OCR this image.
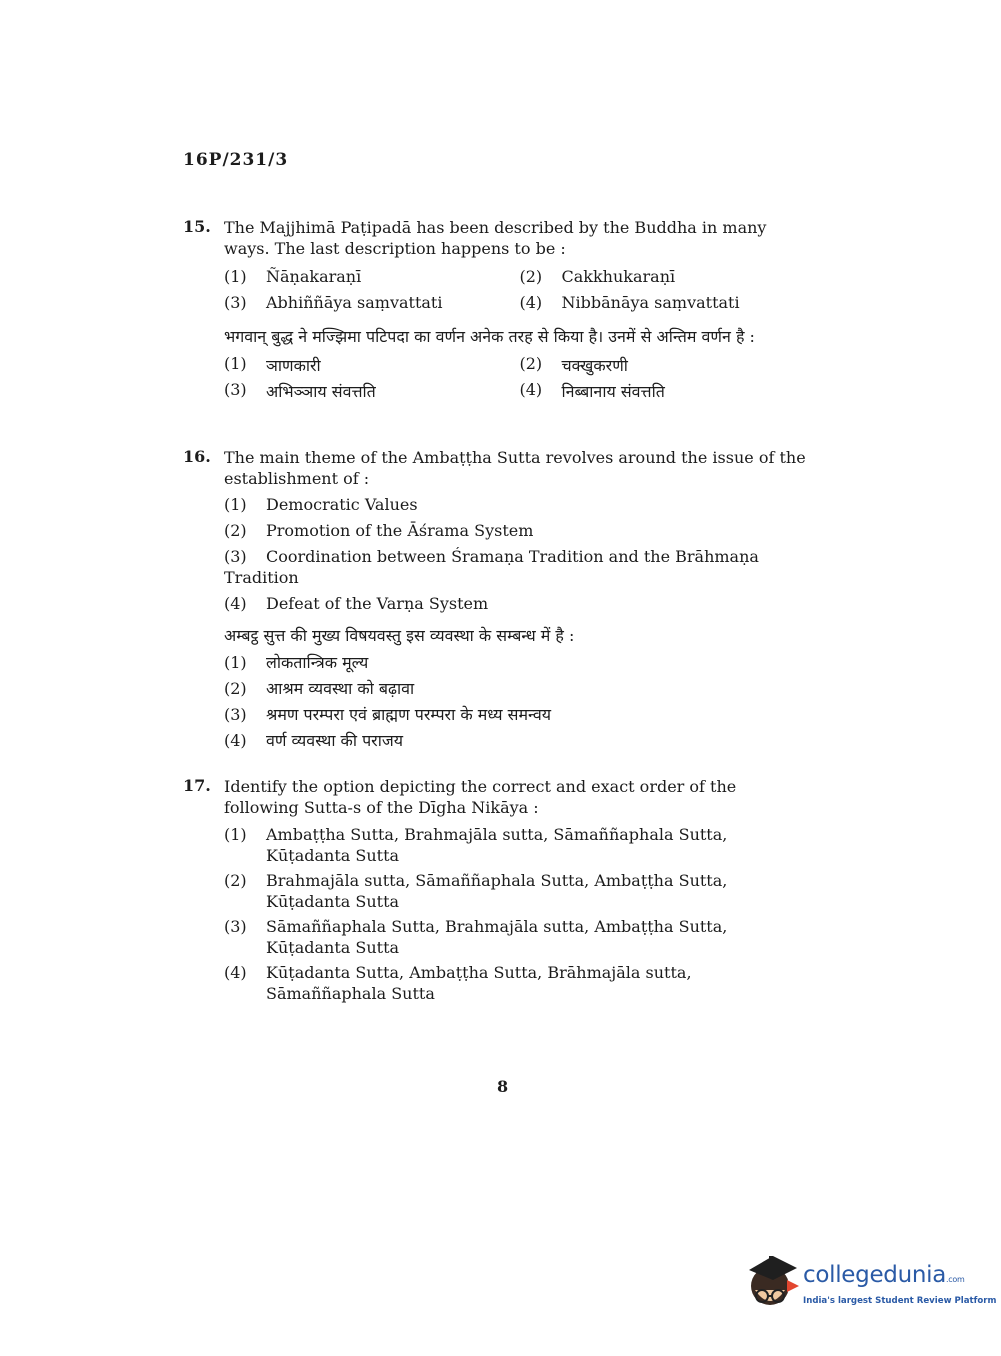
16P/231/3
15. The Majjhimā Paṭipadā has been described by the Buddha in many ways. The last description happens to be :
(1)	Ñāṇakaraṇī	(2)	Cakkhukaraṇī
(3)	Abhiññāya saṃvattati	(4)	Nibbānāya saṃvattati
भगवान् बुद्ध ने मज्झिमा पटिपदा का वर्णन अनेक तरह से किया है। उनमें से अन्तिम वर्णन है :
(1)	ञाणकारी	(2)	चक्खुकरणी
(3)	अभिञ्ञाय संवत्तति	(4)	निब्बानाय संवत्तति
16. The main theme of the Ambaṭṭha Sutta revolves around the issue of the establishment of :
(1)	Democratic Values
(2)	Promotion of the Āśrama System
(3) Coordination between Śramaṇa Tradition and the Brāhmaṇa Tradition
(4)	Defeat of the Varṇa System
अम्बट्ठ सुत्त की मुख्य विषयवस्तु इस व्यवस्था के सम्बन्ध में है :
(1)	लोकतान्त्रिक मूल्य
(2)	आश्रम व्यवस्था को बढ़ावा
(3)	श्रमण परम्परा एवं ब्राह्मण परम्परा के मध्य समन्वय
(4)	वर्ण व्यवस्था की पराजय
17. Identify the option depicting the correct and exact order of the following Sutta-s of the Dīgha Nikāya :
(1)	Ambaṭṭha Sutta, Brahmajāla sutta, Sāmaññaphala Sutta, Kūṭadanta Sutta
(2)	Brahmajāla sutta, Sāmaññaphala Sutta, Ambaṭṭha Sutta, Kūṭadanta Sutta
(3)	Sāmaññaphala Sutta, Brahmajāla sutta, Ambaṭṭha Sutta, Kūṭadanta Sutta
(4)	Kūṭadanta Sutta, Ambaṭṭha Sutta, Brāhmajāla sutta, Sāmaññaphala Sutta
8
collegedunia.com
India's largest Student Review Platform
